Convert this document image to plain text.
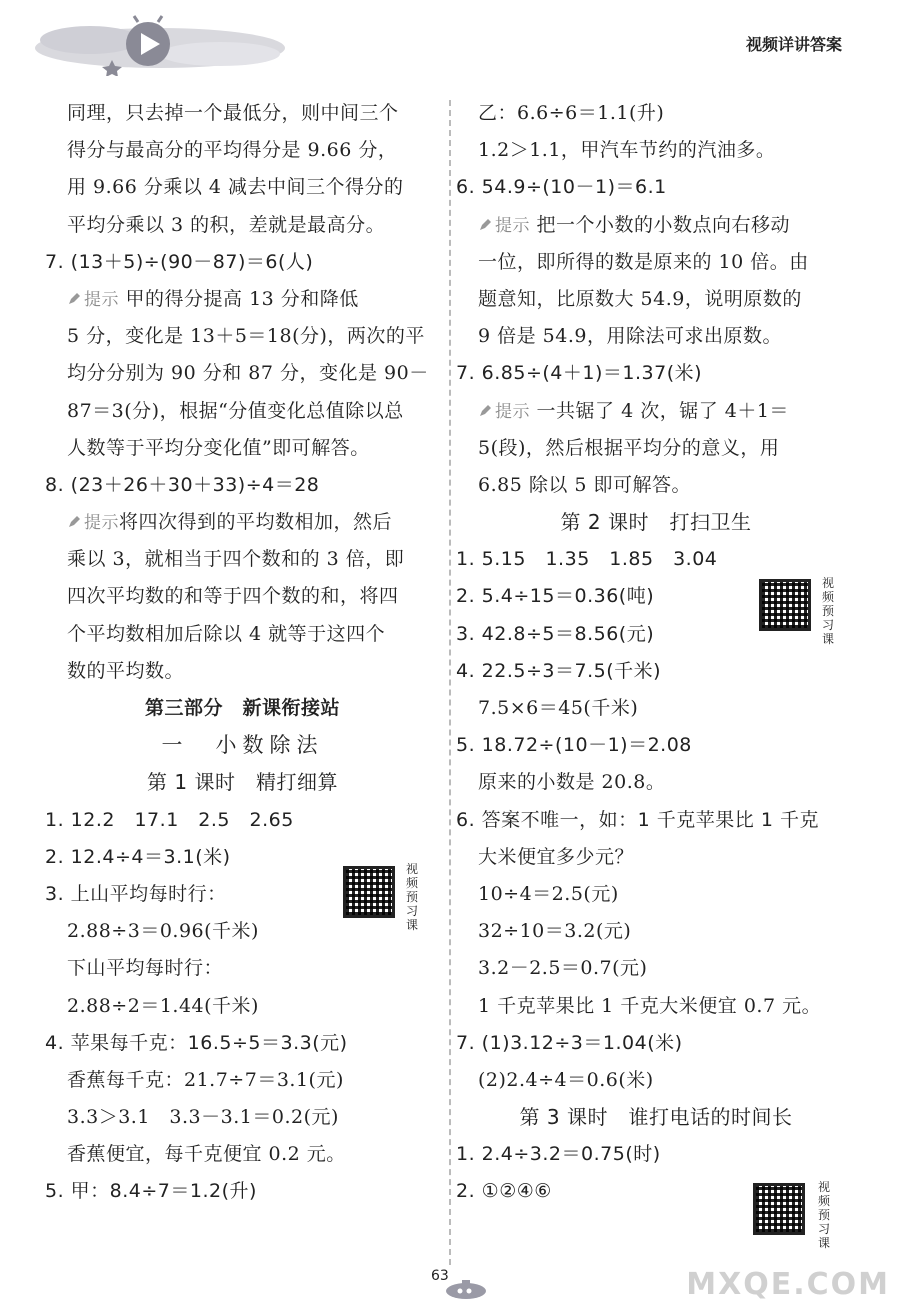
视频详讲答案
同理，只去掉一个最低分，则中间三个
得分与最高分的平均得分是 9.66 分，
用 9.66 分乘以 4 减去中间三个得分的
平均分乘以 3 的积，差就是最高分。
7. (13＋5)÷(90－87)＝6(人)
提示 甲的得分提高 13 分和降低
5 分，变化是 13＋5＝18(分)，两次的平
均分分别为 90 分和 87 分，变化是 90－
87＝3(分)，根据“分值变化总值除以总
人数等于平均分变化值”即可解答。
8. (23＋26＋30＋33)÷4＝28
提示将四次得到的平均数相加，然后
乘以 3，就相当于四个数和的 3 倍，即
四次平均数的和等于四个数的和，将四
个平均数相加后除以 4 就等于这四个
数的平均数。
第三部分　新课衔接站
一　小数除法
第 1 课时　精打细算
1. 12.2　17.1　2.5　2.65
2. 12.4÷4＝3.1(米)
3. 上山平均每时行：
2.88÷3＝0.96(千米)
下山平均每时行：
2.88÷2＝1.44(千米)
4. 苹果每千克：16.5÷5＝3.3(元)
香蕉每千克：21.7÷7＝3.1(元)
3.3＞3.1　3.3－3.1＝0.2(元)
香蕉便宜，每千克便宜 0.2 元。
5. 甲：8.4÷7＝1.2(升)
乙：6.6÷6＝1.1(升)
1.2＞1.1，甲汽车节约的汽油多。
6. 54.9÷(10－1)＝6.1
提示 把一个小数的小数点向右移动
一位，即所得的数是原来的 10 倍。由
题意知，比原数大 54.9，说明原数的
9 倍是 54.9，用除法可求出原数。
7. 6.85÷(4＋1)＝1.37(米)
提示 一共锯了 4 次，锯了 4＋1＝
5(段)，然后根据平均分的意义，用
6.85 除以 5 即可解答。
第 2 课时　打扫卫生
1. 5.15　1.35　1.85　3.04
2. 5.4÷15＝0.36(吨)
3. 42.8÷5＝8.56(元)
4. 22.5÷3＝7.5(千米)
7.5×6＝45(千米)
5. 18.72÷(10－1)＝2.08
原来的小数是 20.8。
6. 答案不唯一，如：1 千克苹果比 1 千克
大米便宜多少元？
10÷4＝2.5(元)
32÷10＝3.2(元)
3.2－2.5＝0.7(元)
1 千克苹果比 1 千克大米便宜 0.7 元。
7. (1)3.12÷3＝1.04(米)
(2)2.4÷4＝0.6(米)
第 3 课时　谁打电话的时间长
1. 2.4÷3.2＝0.75(时)
2. ①②④⑥
视频预习课
视频预习课
视频预习课
63	MXQE.COM
